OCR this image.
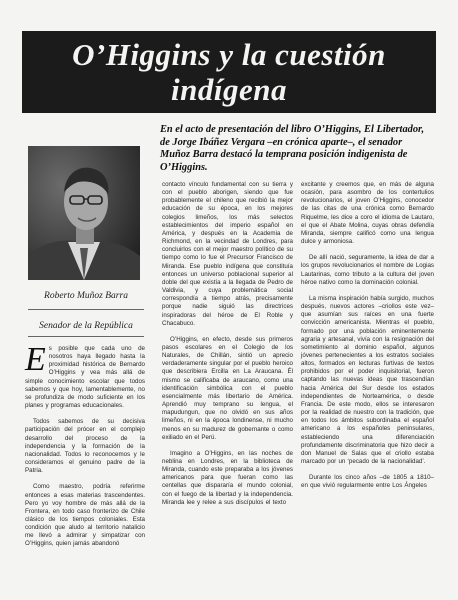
O’Higgins y la cuestión
indígena

En el acto de presentación del libro O’Higgins, El Libertador, de Jorge Ibáñez Vergara –en crónica aparte–, el senador Muñoz Barra destacó la temprana posición indigenista de O’Higgins.

Roberto Muñoz Barra
Senador de la República

Es posible que cada uno de nosotros haya llegado hasta la proximidad histórica de Bernardo O’Higgins y vea más allá de simple conocimiento escolar que todos sabemos y que hoy, lamentablemente, no se profundiza de modo suficiente en los planes y programas educacionales.

Todos sabemos de su decisiva participación del prócer en el complejo desarrollo del proceso de la independencia y la formación de la nacionalidad. Todos lo reconocemos y le consideramos el genuino padre de la Patria.

Como maestro, podría referirme entonces a esas materias trascendentes. Pero yo voy hombre de más allá de la Frontera, en todo caso fronterizo de Chile clásico de los tiempos coloniales. Esta condición que aludo al territorio natalicio me llevó a admirar y simpatizar con O’Higgins, quien jamás abandonó

contacto vínculo fundamental con su tierra y con el pueblo aborigen, siendo que fue probablemente el chileno que recibió la mejor educación de su época, en los mejores colegios limeños, los más selectos establecimientos del imperio español en América, y después en la Academia de Richmond, en la vecindad de Londres, para concluirlos con el mejor maestro político de su tiempo como lo fue el Precursor Francisco de Miranda. Ese pueblo indígena que constituía entonces un universo poblacional superior al doble del que existía a la llegada de Pedro de Valdivia, y cuya problemática social correspondía a tiempo atrás, precisamente porque nadie siguió las directrices inspiradoras del héroe de El Roble y Chacabuco.

O’Higgins, en efecto, desde sus primeros pasos escolares en el Colegio de los Naturales, de Chillán, sintió un aprecio verdaderamente singular por el pueblo heroico que describiera Ercilla en La Araucana. Él mismo se calificaba de araucano, como una identificación simbólica con el pueblo esencialmente más libertario de América. Aprendió muy temprano su lengua, el mapudungun, que no olvidó en sus años limeños, ni en la época londinense, ni mucho menos en su madurez de gobernante o como exiliado en el Perú.

Imagino a O’Higgins, en las noches de neblina en Londres, en la biblioteca de Miranda, cuando este preparaba a los jóvenes americanos para que fueran como las centellas que dispararía el mundo colonial, con el fuego de la libertad y la independencia. Miranda lee y relee a sus discípulos el texto

excitante y creemos que, en más de alguna ocasión, para asombro de los contertulios revolucionarios, el joven O’Higgins, conocedor de las citas de una crónica como Bernardo Riquelme, les dice a coro el idioma de Lautaro, el que el Abate Molina, cuyas obras defendía Miranda, siempre calificó como una lengua dulce y armoniosa.

De allí nació, seguramente, la idea de dar a los grupos revolucionarios el nombre de Logias Lautarinas, como tributo a la cultura del joven héroe nativo como la dominación colonial.

La misma inspiración había surgido, muchos después, nuevos actores –criollos este vez– que asumían sus raíces en una fuerte convicción americanista. Mientras el pueblo, formado por una población eminentemente agraria y artesanal, vivía con la resignación del sometimiento al dominio español, algunos jóvenes pertenecientes a los estratos sociales altos, formados en lecturas furtivas de textos prohibidos por el poder inquisitorial, fueron captando las nuevas ideas que trascendían hacia América del Sur desde los estados independientes de Norteamérica, o desde Francia. De este modo, ellos se interesaron por la realidad de nuestro con la tradición, que en todos los ámbitos subordinaba el español americano a los españoles peninsulares, estableciendo una diferenciación profundamente discriminatoria que hizo decir a don Manuel de Salas que el criollo estaba marcado por un ‘pecado de la nacionalidad’.

Durante los cinco años –de 1805 a 1810– en que vivió regularmente entre Los Ángeles
